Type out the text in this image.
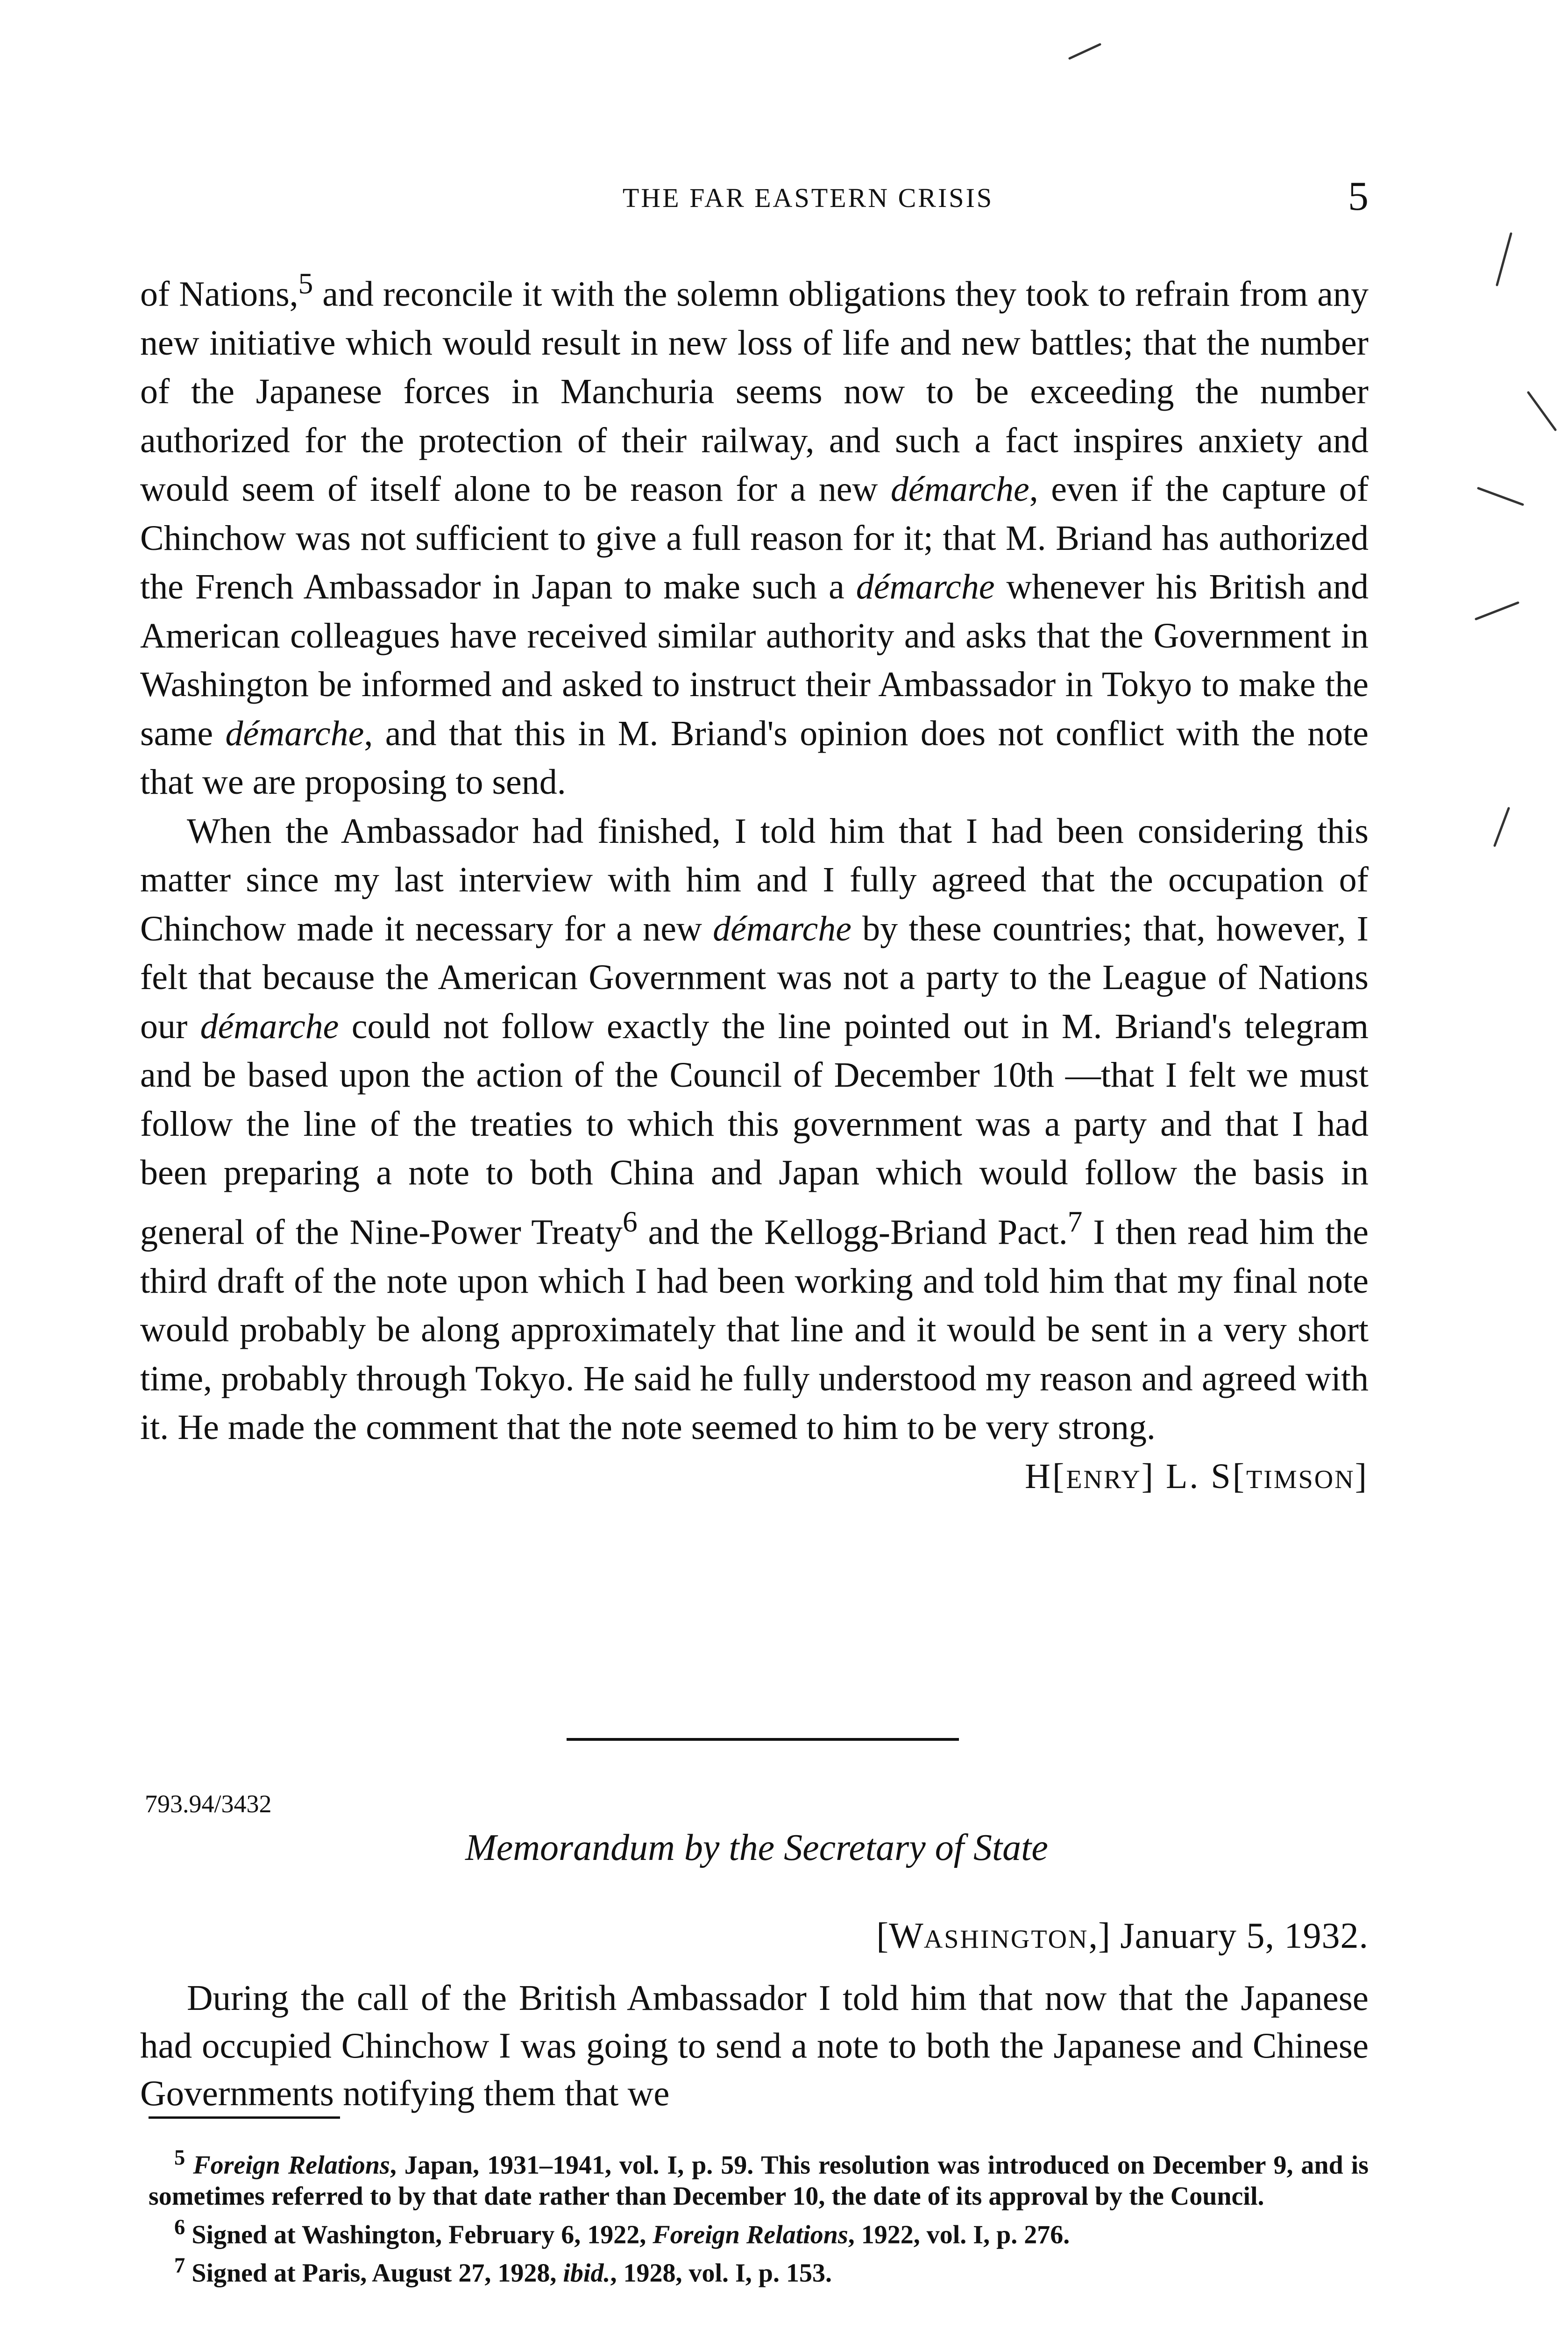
THE FAR EASTERN CRISIS	5

of Nations,$^5$ and reconcile it with the solemn obligations they took to refrain from any new initiative which would result in new loss of life and new battles; that the number of the Japanese forces in Manchuria seems now to be exceeding the number authorized for the protection of their railway, and such a fact inspires anxiety and would seem of itself alone to be reason for a new démarche, even if the capture of Chinchow was not sufficient to give a full reason for it; that M. Briand has authorized the French Ambassador in Japan to make such a démarche whenever his British and American colleagues have received similar authority and asks that the Government in Washington be informed and asked to instruct their Ambassador in Tokyo to make the same démarche, and that this in M. Briand's opinion does not conflict with the note that we are proposing to send.

When the Ambassador had finished, I told him that I had been considering this matter since my last interview with him and I fully agreed that the occupation of Chinchow made it necessary for a new démarche by these countries; that, however, I felt that because the American Government was not a party to the League of Nations our démarche could not follow exactly the line pointed out in M. Briand's telegram and be based upon the action of the Council of December 10th —that I felt we must follow the line of the treaties to which this government was a party and that I had been preparing a note to both China and Japan which would follow the basis in general of the Nine-Power Treaty$^6$ and the Kellogg-Briand Pact.$^7$ I then read him the third draft of the note upon which I had been working and told him that my final note would probably be along approximately that line and it would be sent in a very short time, probably through Tokyo. He said he fully understood my reason and agreed with it. He made the comment that the note seemed to him to be very strong.

H[ENRY] L. S[TIMSON]

793.94/3432
Memorandum by the Secretary of State
[WASHINGTON,] January 5, 1932.

During the call of the British Ambassador I told him that now that the Japanese had occupied Chinchow I was going to send a note to both the Japanese and Chinese Governments notifying them that we

$^5$ Foreign Relations, Japan, 1931–1941, vol. I, p. 59. This resolution was introduced on December 9, and is sometimes referred to by that date rather than December 10, the date of its approval by the Council.

$^6$ Signed at Washington, February 6, 1922, Foreign Relations, 1922, vol. I, p. 276.

$^7$ Signed at Paris, August 27, 1928, ibid., 1928, vol. I, p. 153.
